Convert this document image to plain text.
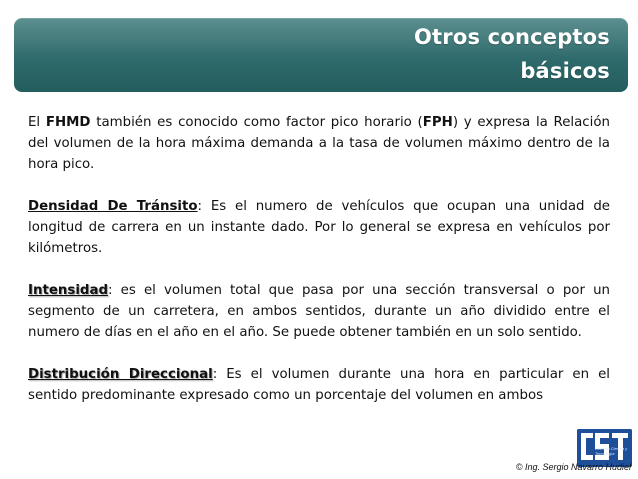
Otros conceptos
básicos

El FHMD también es conocido como factor pico horario (FPH) y expresa la Relación del volumen de la hora máxima demanda a la tasa de volumen máximo dentro de la hora pico.

Densidad De Tránsito: Es el numero de vehículos que ocupan una unidad de longitud de carrera en un instante dado. Por lo general se expresa en vehículos por kilómetros.

Intensidad: es el volumen total que pasa por una sección transversal o por un segmento de un carretera, en ambos sentidos, durante un año dividido entre el numero de días en el año en el año. Se puede obtener también en un solo sentido.

Distribución Direccional: Es el volumen durante una hora en particular en el sentido predominante expresado como un porcentaje del volumen en ambos

Líder en Ciencia y Tecnología
© Ing. Sergio Navarro Hudiel
